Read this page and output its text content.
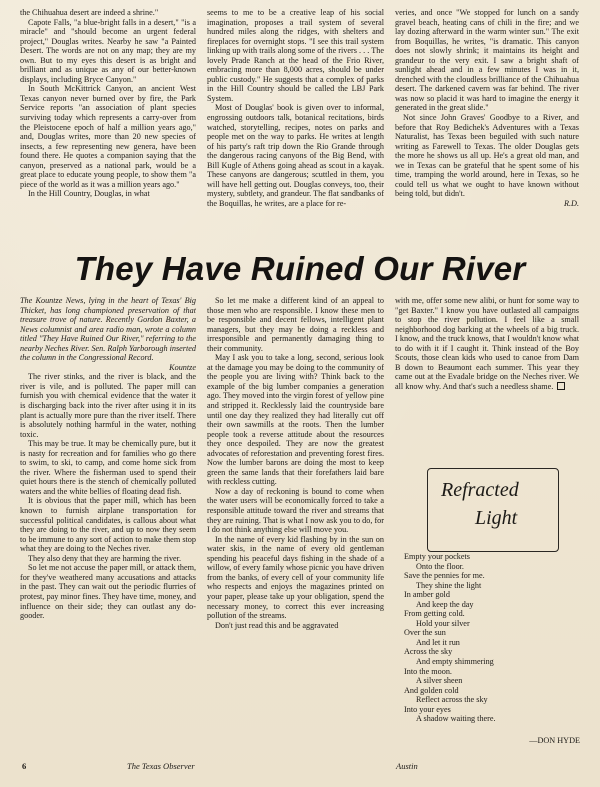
the Chihuahua desert are indeed a shrine."

Capote Falls, "a blue-bright falls in a desert," "is a miracle" and "should become an urgent federal project," Douglas writes. Nearby he saw "a Painted Desert. The words are not on any map; they are my own. But to my eyes this desert is as bright and brilliant and as unique as any of our better-known displays, including Bryce Canyon."

In South McKittrick Canyon, an ancient West Texas canyon never burned over by fire, the Park Service reports "an association of plant species surviving today which represents a carry-over from the Pleistocene epoch of half a million years ago," and, Douglas writes, more than 20 new species of insects, a few representing new genera, have been found there. He quotes a companion saying that the canyon, preserved as a national park, would be a great place to educate young people, to show them "a piece of the world as it was a million years ago."

In the Hill Country, Douglas, in what

seems to me to be a creative leap of his social imagination, proposes a trail system of several hundred miles along the ridges, with shelters and fireplaces for overnight stops. "I see this trail system linking up with trails along some of the rivers . . . The lovely Prade Ranch at the head of the Frio River, embracing more than 8,000 acres, should be under public custody." He suggests that a complex of parks in the Hill Country should be called the LBJ Park System.

Most of Douglas' book is given over to informal, engrossing outdoors talk, botanical recitations, birds watched, storytelling, recipes, notes on parks and people met on the way to parks. He writes at length of his party's raft trip down the Rio Grande through the dangerous racing canyons of the Big Bend, with Bill Kugle of Athens going ahead as scout in a kayak. These canyons are dangerous; scuttled in them, you will have hell getting out. Douglas conveys, too, their mystery, subtlety, and grandeur. The flat sandbanks of the Boquillas, he writes, are a place for re-

veries, and once "We stopped for lunch on a sandy gravel beach, heating cans of chili in the fire; and we lay dozing afterward in the warm winter sun." The exit from Boquillas, he writes, "is dramatic. This canyon does not slowly shrink; it maintains its height and grandeur to the very exit. I saw a bright shaft of sunlight ahead and in a few minutes I was in it, drenched with the cloudless brilliance of the Chihuahua desert. The darkened cavern was far behind. The river was now so placid it was hard to imagine the energy it generated in the great slide."

Not since John Graves' Goodbye to a River, and before that Roy Bedichek's Adventures with a Texas Naturalist, has Texas been beguiled with such nature writing as Farewell to Texas. The older Douglas gets the more he shows us all up. He's a great old man, and we in Texas can be grateful that he spent some of his time, tramping the world around, here in Texas, so he could tell us what we ought to have known without being told, but didn't.

R.D.

They Have Ruined Our River

The Kountze News, lying in the heart of Texas' Big Thicket, has long championed preservation of that treasure trove of nature. Recently Gordon Baxter, a News columnist and area radio man, wrote a column titled "They Have Ruined Our River," referring to the nearby Neches River. Sen. Ralph Yarborough inserted the column in the Congressional Record.

Kountze

The river stinks, and the river is black, and the river is vile, and is polluted. The paper mill can furnish you with chemical evidence that the water it is discharging back into the river after using it in its plant is actually more pure than the river itself. There is absolutely nothing harmful in the water, nothing toxic.

This may be true. It may be chemically pure, but it is nasty for recreation and for families who go there to swim, to ski, to camp, and come home sick from the river. Where the fisherman used to spend their quiet hours there is the stench of chemically polluted waters and the white bellies of floating dead fish.

It is obvious that the paper mill, which has been known to furnish airplane transportation for successful political candidates, is callous about what they are doing to the river, and up to now they seem to be immune to any sort of action to make them stop what they are doing to the Neches river.

They also deny that they are harming the river.

So let me not accuse the paper mill, or attack them, for they've weathered many accusations and attacks in the past. They can wait out the periodic flurries of protest, pay minor fines. They have time, money, and influence on their side; they can outlast any do-gooder.

So let me make a different kind of an appeal to those men who are responsible. I know these men to be responsible and decent fellows, intelligent plant managers, but they may be doing a reckless and irresponsible and permanently damaging thing to their community.

May I ask you to take a long, second, serious look at the damage you may be doing to the community of the people you are living with? Think back to the example of the big lumber companies a generation ago. They moved into the virgin forest of yellow pine and stripped it. Recklessly laid the countryside bare until one day they realized they had literally cut off their own sawmills at the roots. Then the lumber people took a reverse attitude about the resources they once despoiled. They are now the greatest advocates of reforestation and preventing forest fires. Now the lumber barons are doing the most to keep green the same lands that their forefathers laid bare with reckless cutting.

Now a day of reckoning is bound to come when the water users will be economically forced to take a responsible attitude toward the river and streams that they are ruining. That is what I now ask you to do, for I do not think anything else will move you.

In the name of every kid flashing by in the sun on water skis, in the name of every old gentleman spending his peaceful days fishing in the shade of a willow, of every family whose picnic you have driven from the banks, of every cell of your community life who respects and enjoys the magazines printed on your paper, please take up your obligation, spend the necessary money, to correct this ever increasing pollution of the streams.

Don't just read this and be aggravated

with me, offer some new alibi, or hunt for some way to "get Baxter." I know you have outlasted all campaigns to stop the river pollution. I feel like a small neighborhood dog barking at the wheels of a big truck. I know, and the truck knows, that I wouldn't know what to do with it if I caught it. Think instead of the Boy Scouts, those clean kids who used to canoe from Dam B down to Beaumont each summer. This year they came out at the Evadale bridge on the Neches river. We all know why. And that's such a needless shame.

Refracted
Light
Empty your pockets
Onto the floor.
Save the pennies for me.
They shine the light
In amber gold
And keep the day
From getting cold.
Hold your silver
Over the sun
And let it run
Across the sky
And empty shimmering
Into the moon.
A silver sheen
And golden cold
Reflect across the sky
Into your eyes
A shadow waiting there.
—DON HYDE
6	The Texas Observer	Austin
